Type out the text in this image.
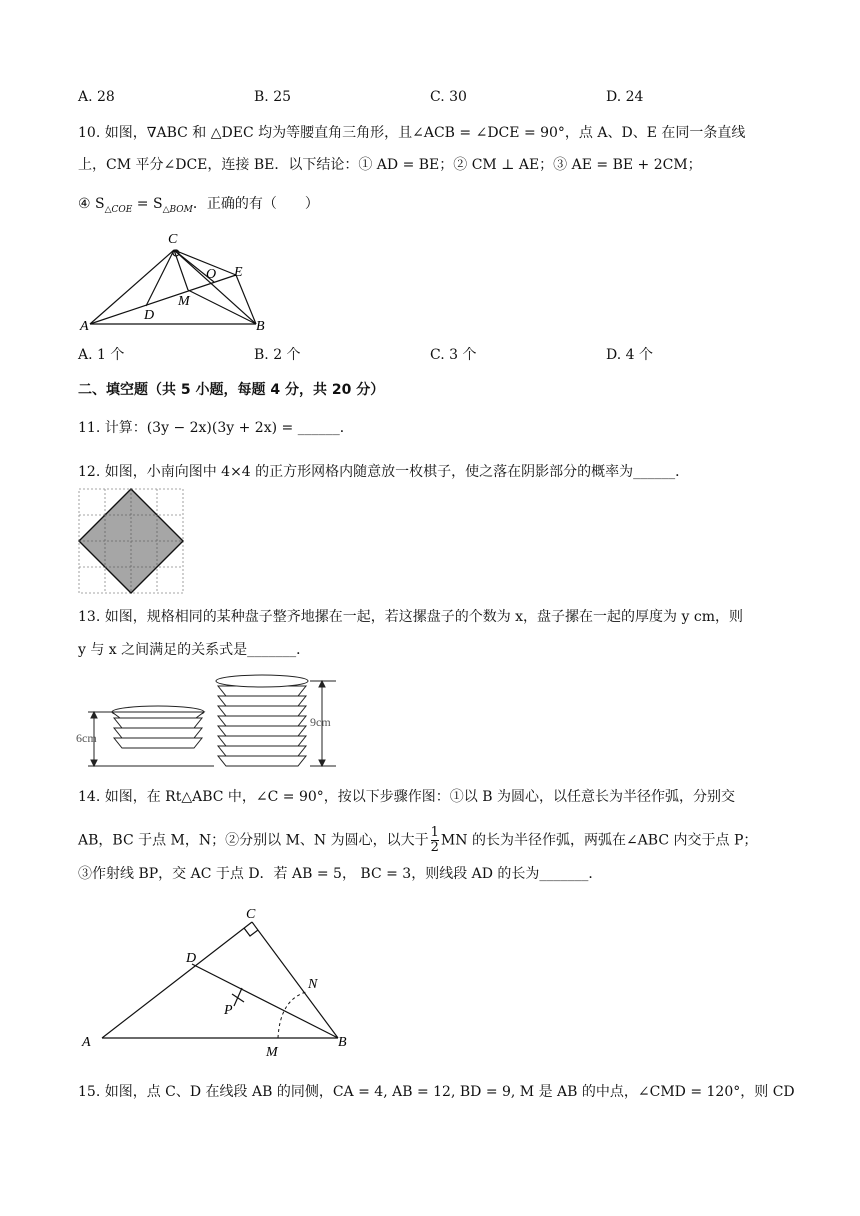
A. 28	B. 25	C. 30	D. 24
10. 如图，∇ABC 和 △DEC 均为等腰直角三角形，且∠ACB = ∠DCE = 90°，点 A、D、E 在同一条直线
上，CM 平分∠DCE，连接 BE．以下结论：① AD = BE；② CM ⊥ AE；③ AE = BE + 2CM；
④ $S_{\triangle COE} = S_{\triangle BOM}$．正确的有（　　）
C
O E
M
D
A	B
A. 1 个	B. 2 个	C. 3 个	D. 4 个
二、填空题（共 5 小题，每题 4 分，共 20 分）
11. 计算：(3y − 2x)(3y + 2x) = ______．
12. 如图，小南向图中 4×4 的正方形网格内随意放一枚棋子，使之落在阴影部分的概率为______．
13. 如图，规格相同的某种盘子整齐地摞在一起，若这摞盘子的个数为 x，盘子摞在一起的厚度为 y cm，则
y 与 x 之间满足的关系式是_______．
6cm
9cm
14. 如图，在 Rt△ABC 中，∠C = 90°，按以下步骤作图：①以 B 为圆心，以任意长为半径作弧，分别交
AB，BC 于点 M，N；②分别以 M、N 为圆心，以大于 $\frac{1}{2}$ MN 的长为半径作弧，两弧在∠ABC 内交于点 P；
③作射线 BP，交 AC 于点 D．若 AB = 5， BC = 3，则线段 AD 的长为_______．
C
D
N
P
A
M
B
15. 如图，点 C、D 在线段 AB 的同侧，CA = 4, AB = 12, BD = 9, M 是 AB 的中点，∠CMD = 120°，则 CD
